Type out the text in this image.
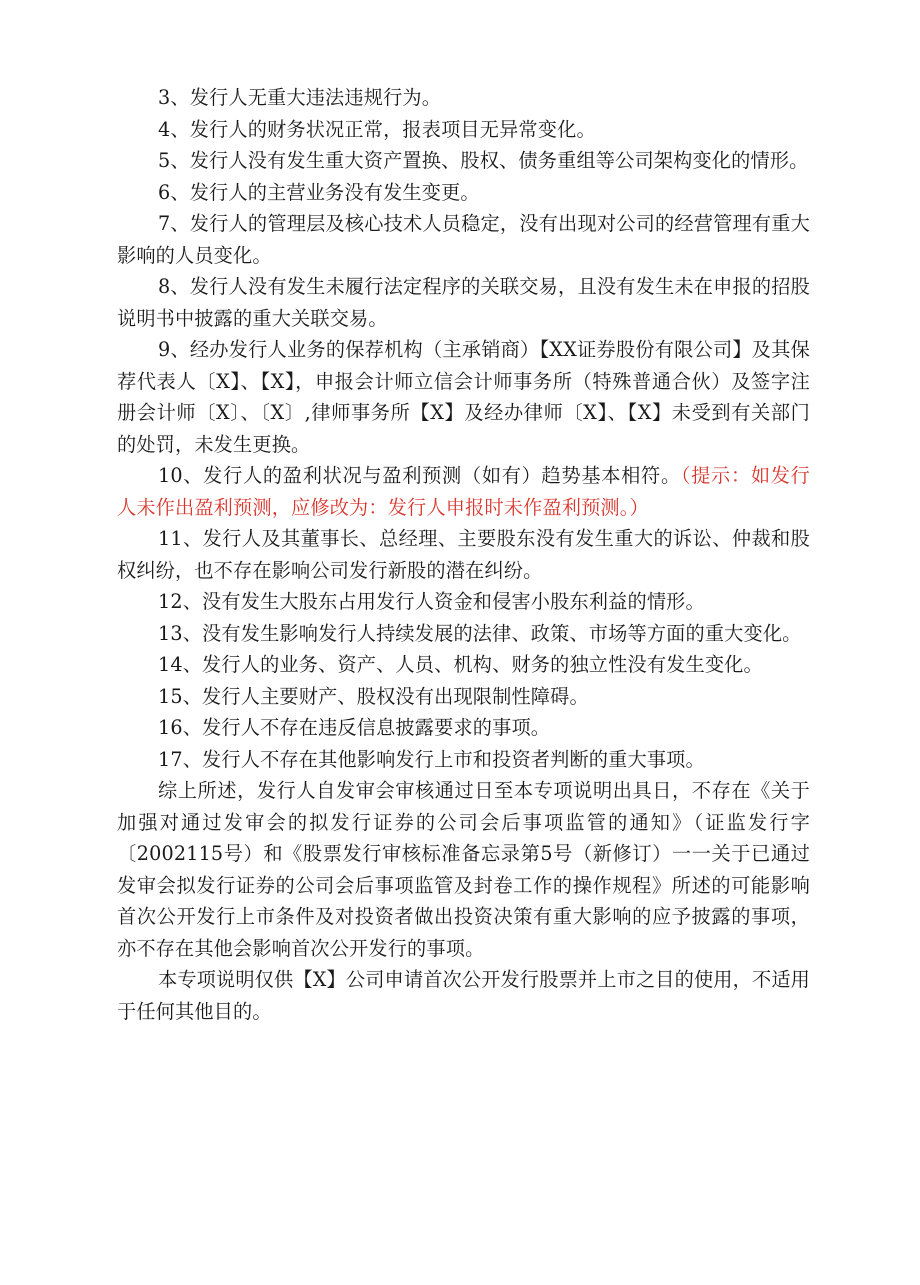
3、发行人无重大违法违规行为。

4、发行人的财务状况正常，报表项目无异常变化。

5、发行人没有发生重大资产置换、股权、债务重组等公司架构变化的情形。

6、发行人的主营业务没有发生变更。

7、发行人的管理层及核心技术人员稳定，没有出现对公司的经营管理有重大影响的人员变化。

8、发行人没有发生未履行法定程序的关联交易，且没有发生未在申报的招股说明书中披露的重大关联交易。

9、经办发行人业务的保荐机构（主承销商）【XX证券股份有限公司】及其保荐代表人〔X】、【X】，申报会计师立信会计师事务所（特殊普通合伙）及签字注册会计师〔X〕、〔X〕,律师事务所【X】及经办律师〔X】、【X】未受到有关部门的处罚，未发生更换。

10、发行人的盈利状况与盈利预测（如有）趋势基本相符。（提示：如发行人未作出盈利预测，应修改为：发行人申报时未作盈利预测。）

11、发行人及其董事长、总经理、主要股东没有发生重大的诉讼、仲裁和股权纠纷，也不存在影响公司发行新股的潜在纠纷。

12、没有发生大股东占用发行人资金和侵害小股东利益的情形。

13、没有发生影响发行人持续发展的法律、政策、市场等方面的重大变化。

14、发行人的业务、资产、人员、机构、财务的独立性没有发生变化。

15、发行人主要财产、股权没有出现限制性障碍。

16、发行人不存在违反信息披露要求的事项。

17、发行人不存在其他影响发行上市和投资者判断的重大事项。

综上所述，发行人自发审会审核通过日至本专项说明出具日，不存在《关于加强对通过发审会的拟发行证券的公司会后事项监管的通知》（证监发行字〔2002115号）和《股票发行审核标准备忘录第5号（新修订）一一关于已通过发审会拟发行证券的公司会后事项监管及封卷工作的操作规程》所述的可能影响首次公开发行上市条件及对投资者做出投资决策有重大影响的应予披露的事项，亦不存在其他会影响首次公开发行的事项。

本专项说明仅供【X】公司申请首次公开发行股票并上市之目的使用，不适用于任何其他目的。
